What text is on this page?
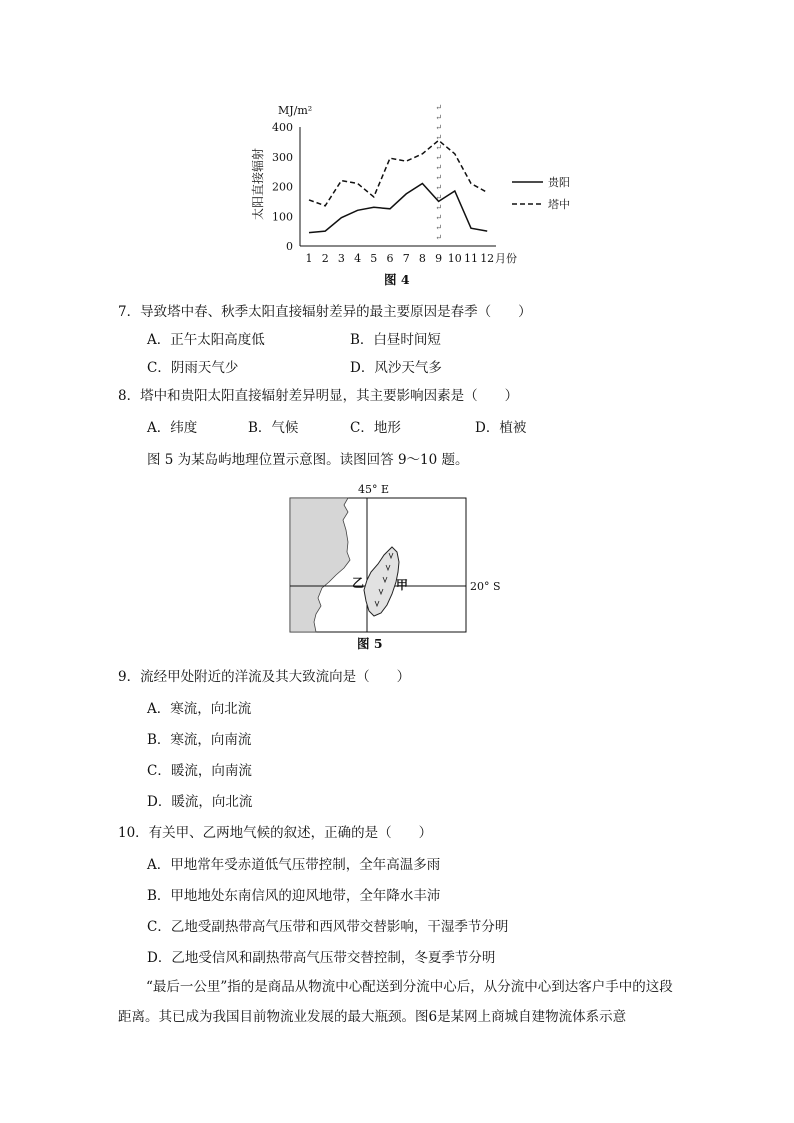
MJ/m²
太阳直接辐射
0
100
200
300
400
1 2 3 4 5 6 7 8 9 10 11 12
↵
↵
↵
↵
↵
↵
↵
↵
↵
↵
↵
↵
↵
↵
月份
贵阳
塔中
图 4
7．导致塔中春、秋季太阳直接辐射差异的最主要原因是春季（　　）
A．正午太阳高度低	B．白昼时间短
C．阴雨天气少	D．风沙天气多
8．塔中和贵阳太阳直接辐射差异明显，其主要影响因素是（　　）
A．纬度	B．气候	C．地形	D．植被
图 5 为某岛屿地理位置示意图。读图回答 9～10 题。
45° E
乙	甲	20° S
图 5
9．流经甲处附近的洋流及其大致流向是（　　）
A．寒流，向北流
B．寒流，向南流
C．暖流，向南流
D．暖流，向北流
10．有关甲、乙两地气候的叙述，正确的是（　　）
A．甲地常年受赤道低气压带控制，全年高温多雨
B．甲地地处东南信风的迎风地带，全年降水丰沛
C．乙地受副热带高气压带和西风带交替影响，干湿季节分明
D．乙地受信风和副热带高气压带交替控制，冬夏季节分明
“最后一公里”指的是商品从物流中心配送到分流中心后，从分流中心到达客户手中的这段距离。其已成为我国目前物流业发展的最大瓶颈。图6是某网上商城自建物流体系示意
